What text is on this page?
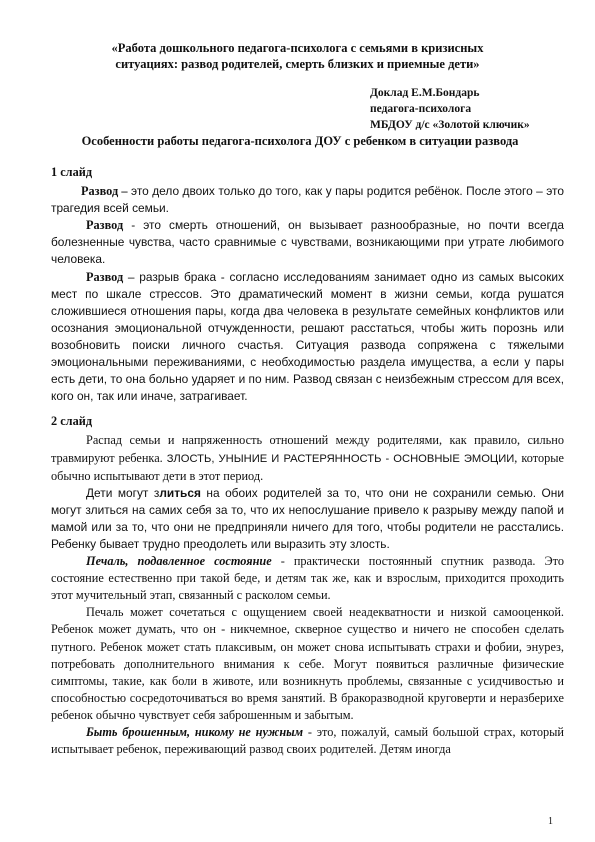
«Работа дошкольного педагога-психолога с семьями в кризисных
ситуациях: развод родителей, смерть близких и приемные дети»
Доклад Е.М.Бондарь
педагога-психолога
МБДОУ д/с «Золотой ключик»
Особенности работы педагога-психолога ДОУ с ребенком в ситуации развода

1 слайд

Развод – это дело двоих только до того, как у пары родится ребёнок. После этого – это трагедия всей семьи.

Развод - это смерть отношений, он вызывает разнообразные, но почти всегда болезненные чувства, часто сравнимые с чувствами, возникающими при утрате любимого человека.

Развод – разрыв брака - согласно исследованиям занимает одно из самых высоких мест по шкале стрессов. Это драматический момент в жизни семьи, когда рушатся сложившиеся отношения пары, когда два человека в результате семейных конфликтов или осознания эмоциональной отчужденности, решают расстаться, чтобы жить порознь или возобновить поиски личного счастья. Ситуация развода сопряжена с тяжелыми эмоциональными переживаниями, с необходимостью раздела имущества, а если у пары есть дети, то она больно ударяет и по ним. Развод связан с неизбежным стрессом для всех, кого он, так или иначе, затрагивает.

2 слайд

Распад семьи и напряженность отношений между родителями, как правило, сильно травмируют ребенка. ЗЛОСТЬ, УНЫНИЕ И РАСТЕРЯННОСТЬ - ОСНОВНЫЕ ЭМОЦИИ, которые обычно испытывают дети в этот период.

Дети могут злиться на обоих родителей за то, что они не сохранили семью. Они могут злиться на самих себя за то, что их непослушание привело к разрыву между папой и мамой или за то, что они не предприняли ничего для того, чтобы родители не расстались. Ребенку бывает трудно преодолеть или выразить эту злость.

Печаль, подавленное состояние - практически постоянный спутник развода. Это состояние естественно при такой беде, и детям так же, как и взрослым, приходится проходить этот мучительный этап, связанный с расколом семьи.

Печаль может сочетаться с ощущением своей неадекватности и низкой самооценкой. Ребенок может думать, что он - никчемное, скверное существо и ничего не способен сделать путного. Ребенок может стать плаксивым, он может снова испытывать страхи и фобии, энурез, потребовать дополнительного внимания к себе. Могут появиться различные физические симптомы, такие, как боли в животе, или возникнуть проблемы, связанные с усидчивостью и способностью сосредоточиваться во время занятий. В бракоразводной круговерти и неразберихе ребенок обычно чувствует себя заброшенным и забытым.

Быть брошенным, никому не нужным - это, пожалуй, самый большой страх, который испытывает ребенок, переживающий развод своих родителей. Детям иногда

1
